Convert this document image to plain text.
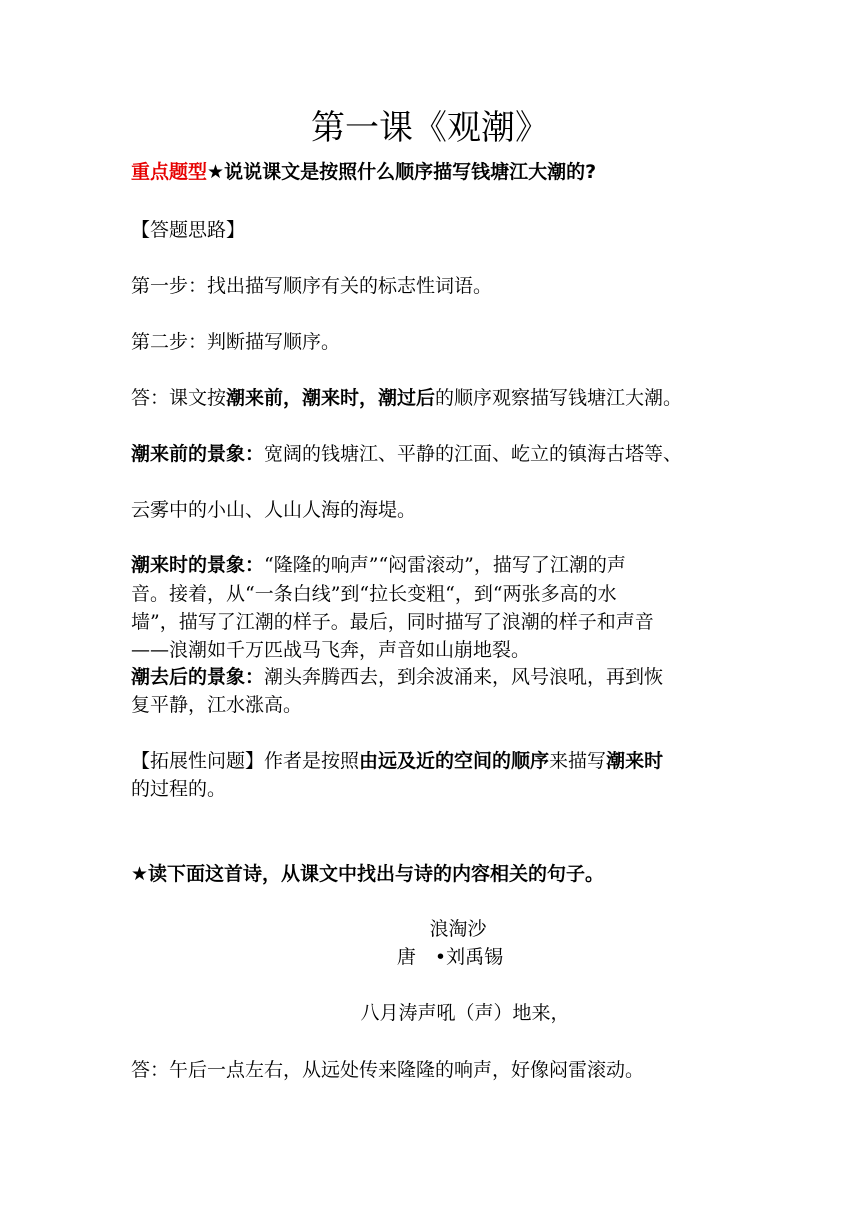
第一课《观潮》
重点题型★说说课文是按照什么顺序描写钱塘江大潮的?
【答题思路】
第一步：找出描写顺序有关的标志性词语。
第二步：判断描写顺序。
答：课文按潮来前，潮来时，潮过后的顺序观察描写钱塘江大潮。
潮来前的景象：宽阔的钱塘江、平静的江面、屹立的镇海古塔等、
云雾中的小山、人山人海的海堤。
潮来时的景象：“隆隆的响声”“闷雷滚动”，描写了江潮的声
音。接着，从“一条白线”到“拉长变粗“，到“两张多高的水
墙”，描写了江潮的样子。最后，同时描写了浪潮的样子和声音
——浪潮如千万匹战马飞奔，声音如山崩地裂。
潮去后的景象：潮头奔腾西去，到余波涌来，风号浪吼，再到恢
复平静，江水涨高。
【拓展性问题】作者是按照由远及近的空间的顺序来描写潮来时
的过程的。
★读下面这首诗，从课文中找出与诗的内容相关的句子。
浪淘沙
唐　•刘禹锡
八月涛声吼（声）地来，
答：午后一点左右，从远处传来隆隆的响声，好像闷雷滚动。
